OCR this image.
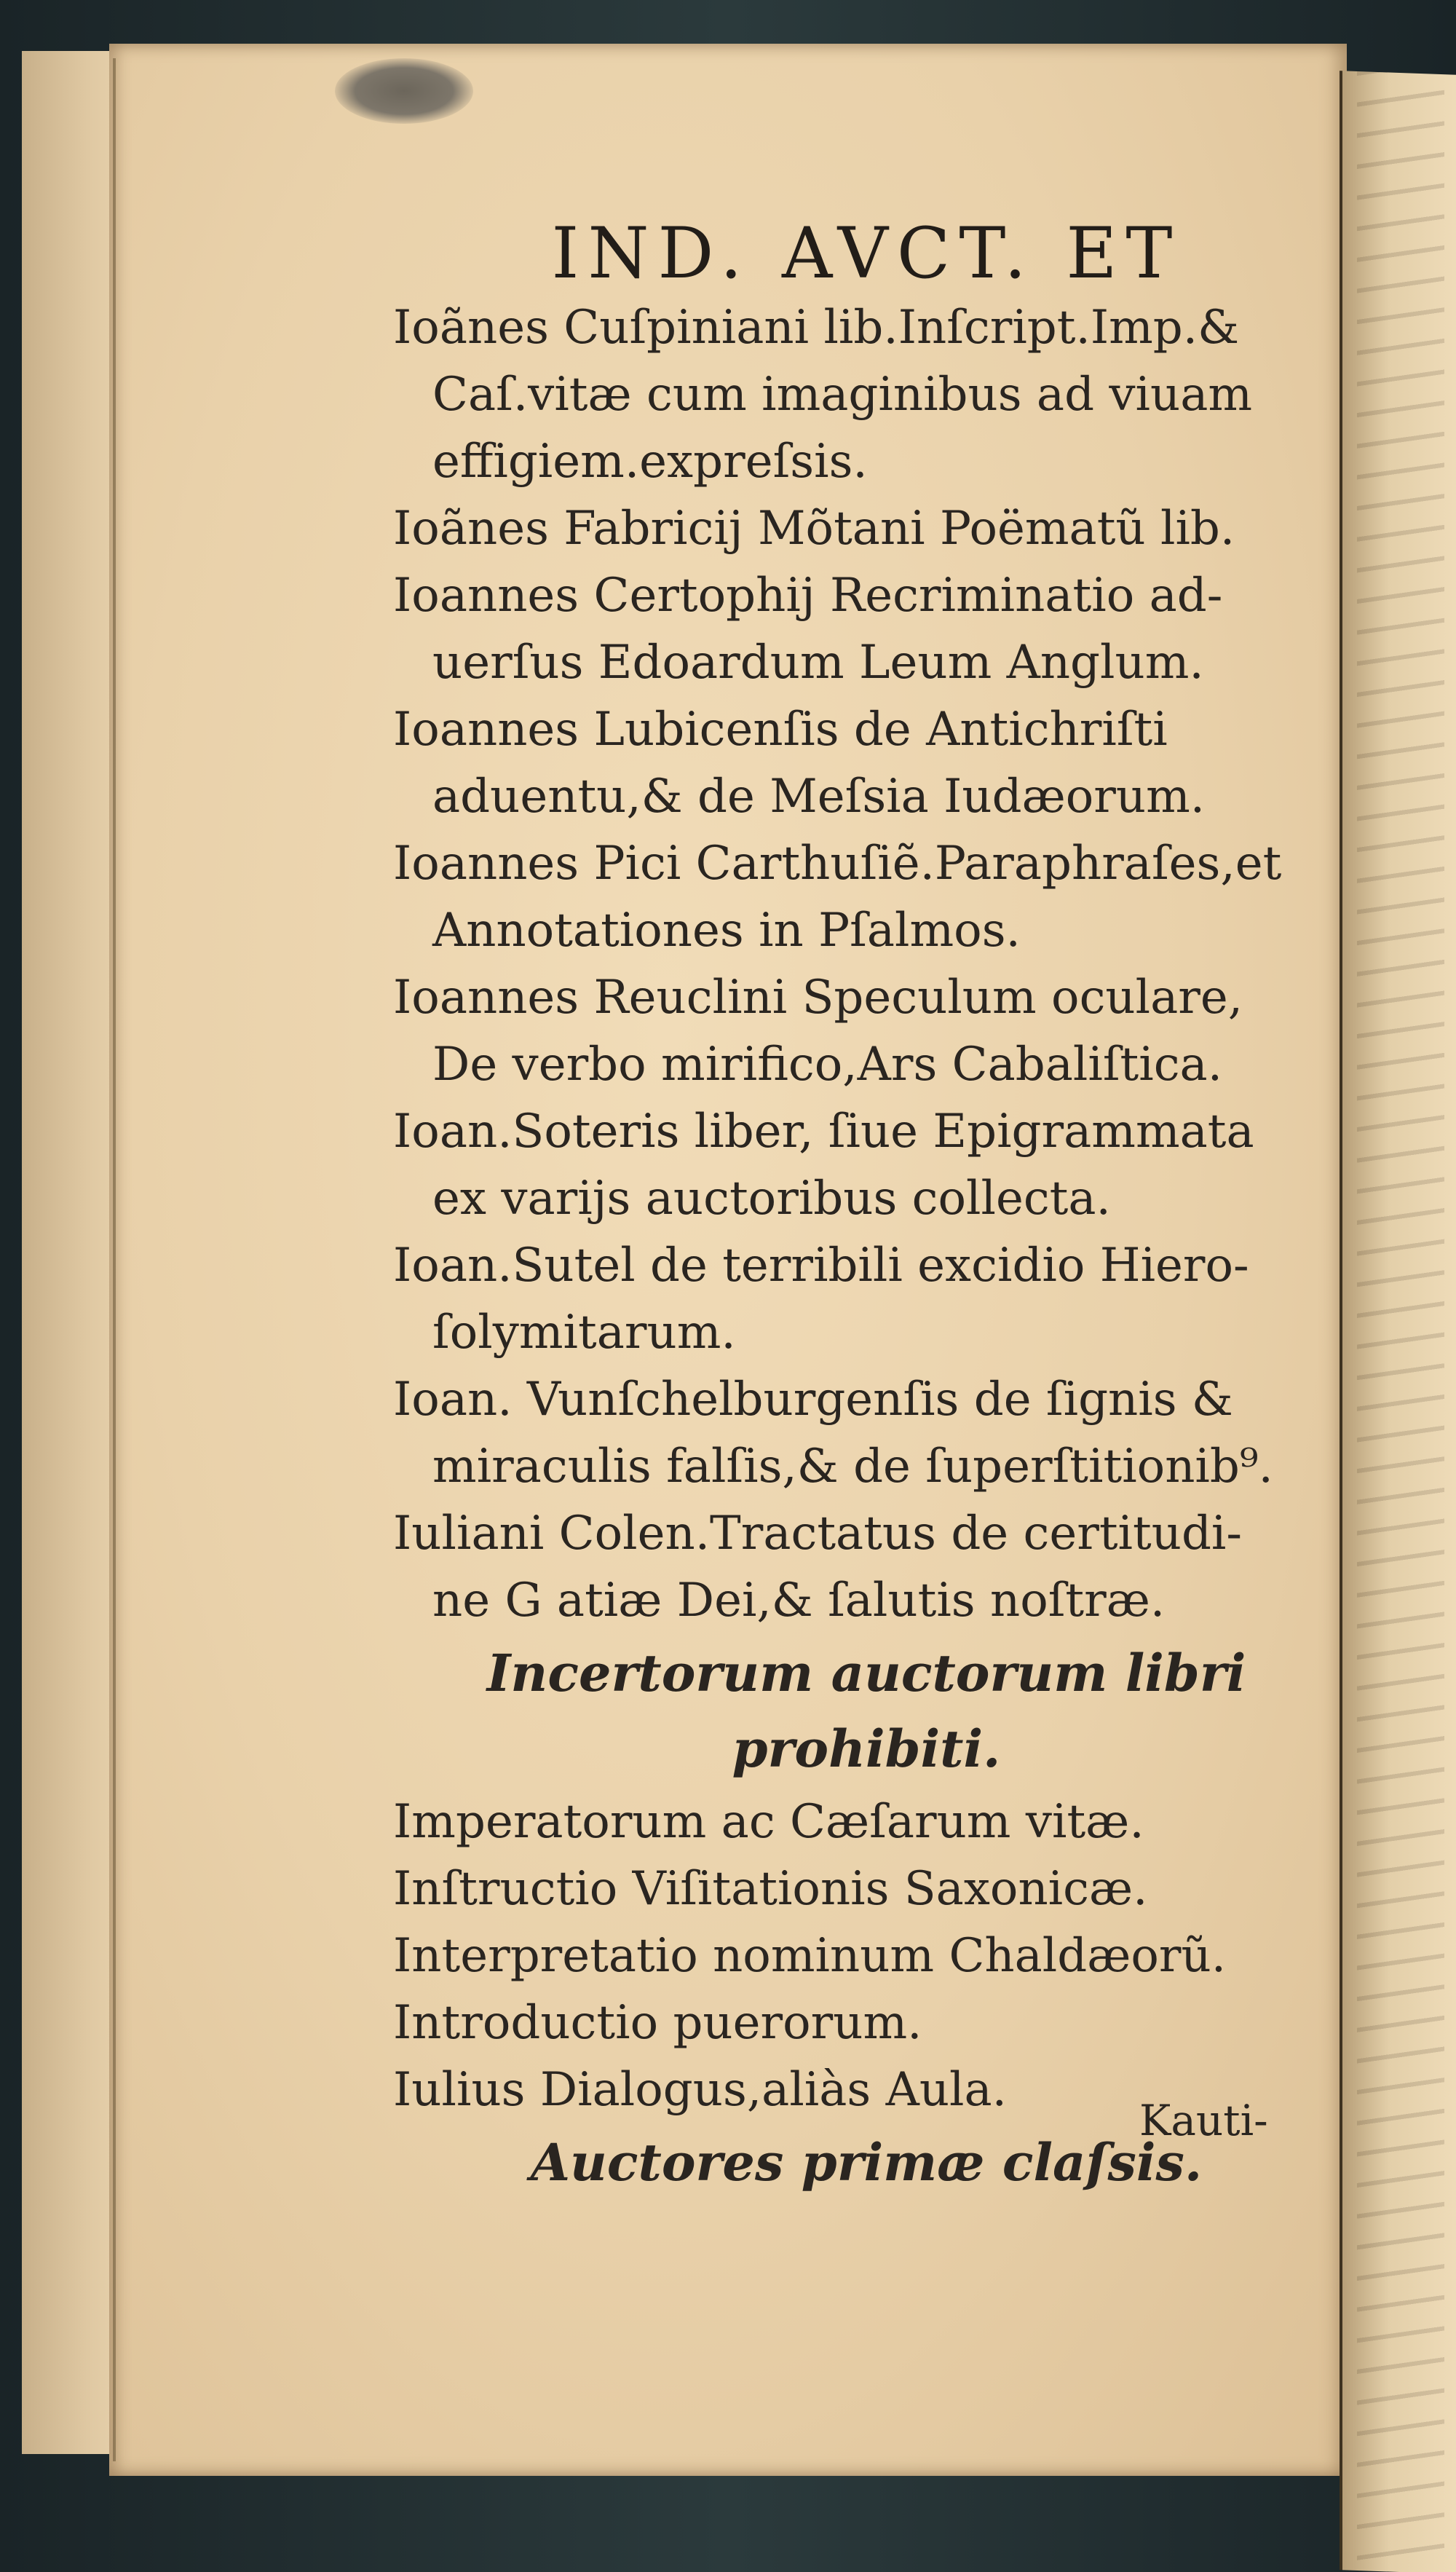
IND. AVCT. ET

Ioãnes Cuſpiniani lib.Inſcript.Imp.&
Caſ.vitæ cum imaginibus ad viuam
effigiem.expreſsis.

Ioãnes Fabricij Mõtani Poëmatũ lib.

Ioannes Certophij Recriminatio ad-
uerſus Edoardum Leum Anglum.

Ioannes Lubicenſis de Antichriſti
aduentu,& de Meſsia Iudæorum.

Ioannes Pici Carthuſiẽ.Paraphraſes,et
Annotationes in Pſalmos.

Ioannes Reuclini Speculum oculare,
De verbo mirifico,Ars Cabaliſtica.

Ioan.Soteris liber, ſiue Epigrammata
ex varijs auctoribus collecta.

Ioan.Sutel de terribili excidio Hiero-
ſolymitarum.

Ioan. Vunſchelburgenſis de ſignis &
miraculis falſis,& de ſuperſtitionib⁹.

Iuliani Colen.Tractatus de certitudi-
ne G atiæ Dei,& ſalutis noſtræ.

Incertorum auctorum libri
prohibiti.

Imperatorum ac Cæſarum vitæ.

Inſtructio Viſitationis Saxonicæ.

Interpretatio nominum Chaldæorũ.

Introductio puerorum.

Iulius Dialogus,aliàs Aula.

Auctores primæ claſsis.
Kauti-
